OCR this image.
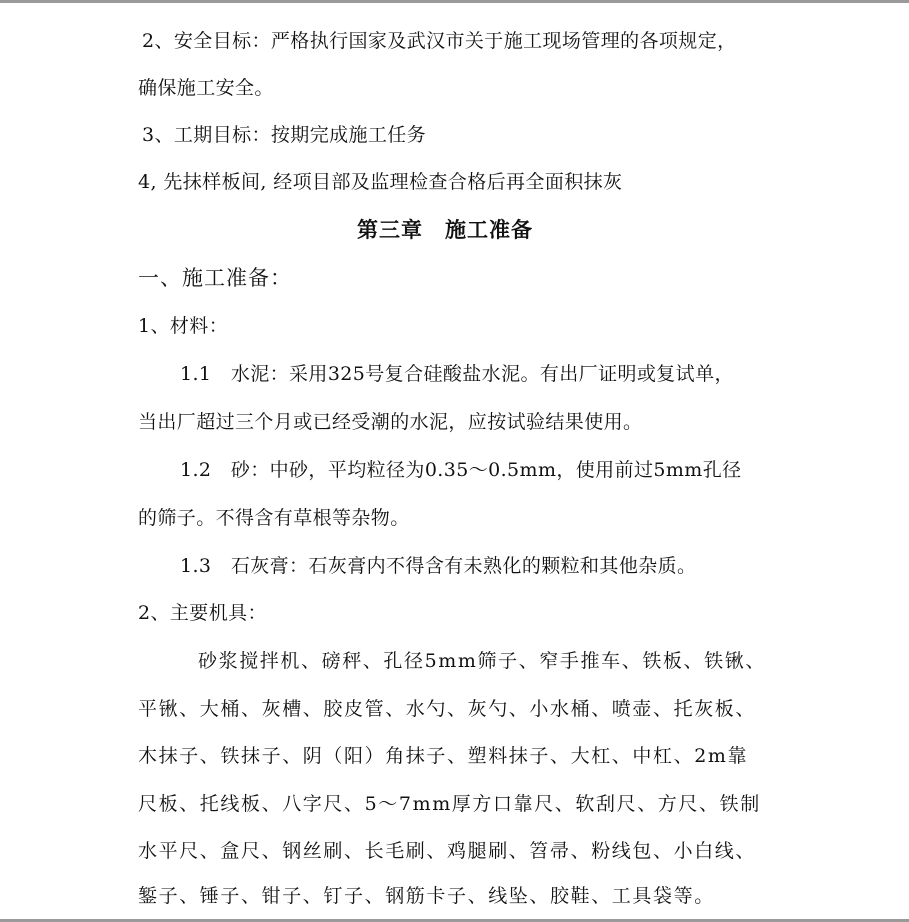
2、安全目标：严格执行国家及武汉市关于施工现场管理的各项规定，
确保施工安全。
3、工期目标：按期完成施工任务
4, 先抹样板间, 经项目部及监理检查合格后再全面积抹灰
第三章　施工准备
一、施工准备：
1、材料：
1.1　水泥：采用325号复合硅酸盐水泥。有出厂证明或复试单，
当出厂超过三个月或已经受潮的水泥，应按试验结果使用。
1.2　砂：中砂，平均粒径为0.35～0.5mm，使用前过5mm孔径
的筛子。不得含有草根等杂物。
1.3　石灰膏：石灰膏内不得含有未熟化的颗粒和其他杂质。
2、主要机具：
砂浆搅拌机、磅秤、孔径5mm筛子、窄手推车、铁板、铁锹、
平锹、大桶、灰槽、胶皮管、水勺、灰勺、小水桶、喷壶、托灰板、
木抹子、铁抹子、阴（阳）角抹子、塑料抹子、大杠、中杠、2m靠
尺板、托线板、八字尺、5～7mm厚方口靠尺、软刮尺、方尺、铁制
水平尺、盒尺、钢丝刷、长毛刷、鸡腿刷、笤帚、粉线包、小白线、
錾子、锤子、钳子、钉子、钢筋卡子、线坠、胶鞋、工具袋等。
